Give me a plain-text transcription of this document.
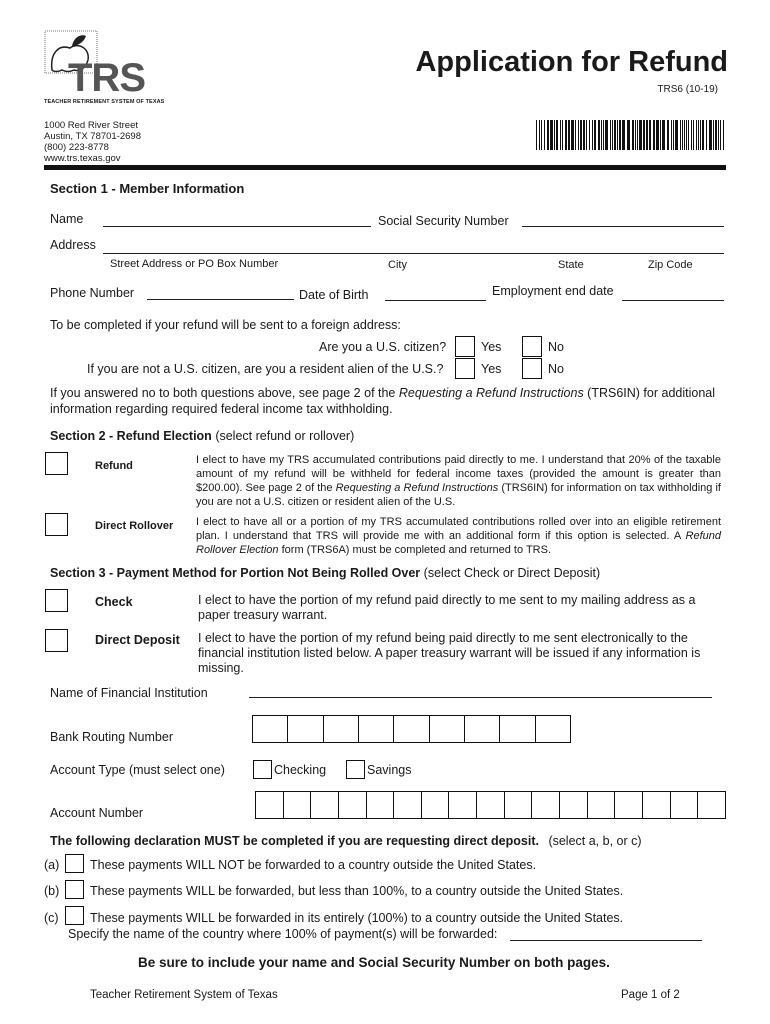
TRS
TEACHER RETIREMENT SYSTEM OF TEXAS
1000 Red River Street
Austin, TX 78701-2698
(800) 223-8778
www.trs.texas.gov
Application for Refund
TRS6 (10-19)
Section 1 - Member Information
Name	Social Security Number
Address
Street Address or PO Box Number	City	State	Zip Code
Phone Number	Date of Birth	Employment end date
To be completed if your refund will be sent to a foreign address:
Are you a U.S. citizen?	Yes	No
If you are not a U.S. citizen, are you a resident alien of the U.S.?	Yes	No
If you answered no to both questions above, see page 2 of the Requesting a Refund Instructions (TRS6IN) for additional information regarding required federal income tax withholding.
Section 2 - Refund Election (select refund or rollover)
Refund	I elect to have my TRS accumulated contributions paid directly to me. I understand that 20% of the taxable amount of my refund will be withheld for federal income taxes (provided the amount is greater than $200.00). See page 2 of the Requesting a Refund Instructions (TRS6IN) for information on tax withholding if you are not a U.S. citizen or resident alien of the U.S.
Direct Rollover I elect to have all or a portion of my TRS accumulated contributions rolled over into an eligible retirement plan. I understand that TRS will provide me with an additional form if this option is selected. A Refund Rollover Election form (TRS6A) must be completed and returned to TRS.
Section 3 - Payment Method for Portion Not Being Rolled Over (select Check or Direct Deposit)
Check	I elect to have the portion of my refund paid directly to me sent to my mailing address as a paper treasury warrant.
Direct Deposit I elect to have the portion of my refund being paid directly to me sent electronically to the financial institution listed below. A paper treasury warrant will be issued if any information is missing.
Name of Financial Institution
Bank Routing Number
Account Type (must select one)	Checking	Savings
Account Number
The following declaration MUST be completed if you are requesting direct deposit. (select a, b, or c)
(a) These payments WILL NOT be forwarded to a country outside the United States.
(b) These payments WILL be forwarded, but less than 100%, to a country outside the United States.
(c)	These payments WILL be forwarded in its entirely (100%) to a country outside the United States.
Specify the name of the country where 100% of payment(s) will be forwarded:
Be sure to include your name and Social Security Number on both pages.
Teacher Retirement System of Texas	Page 1 of 2
